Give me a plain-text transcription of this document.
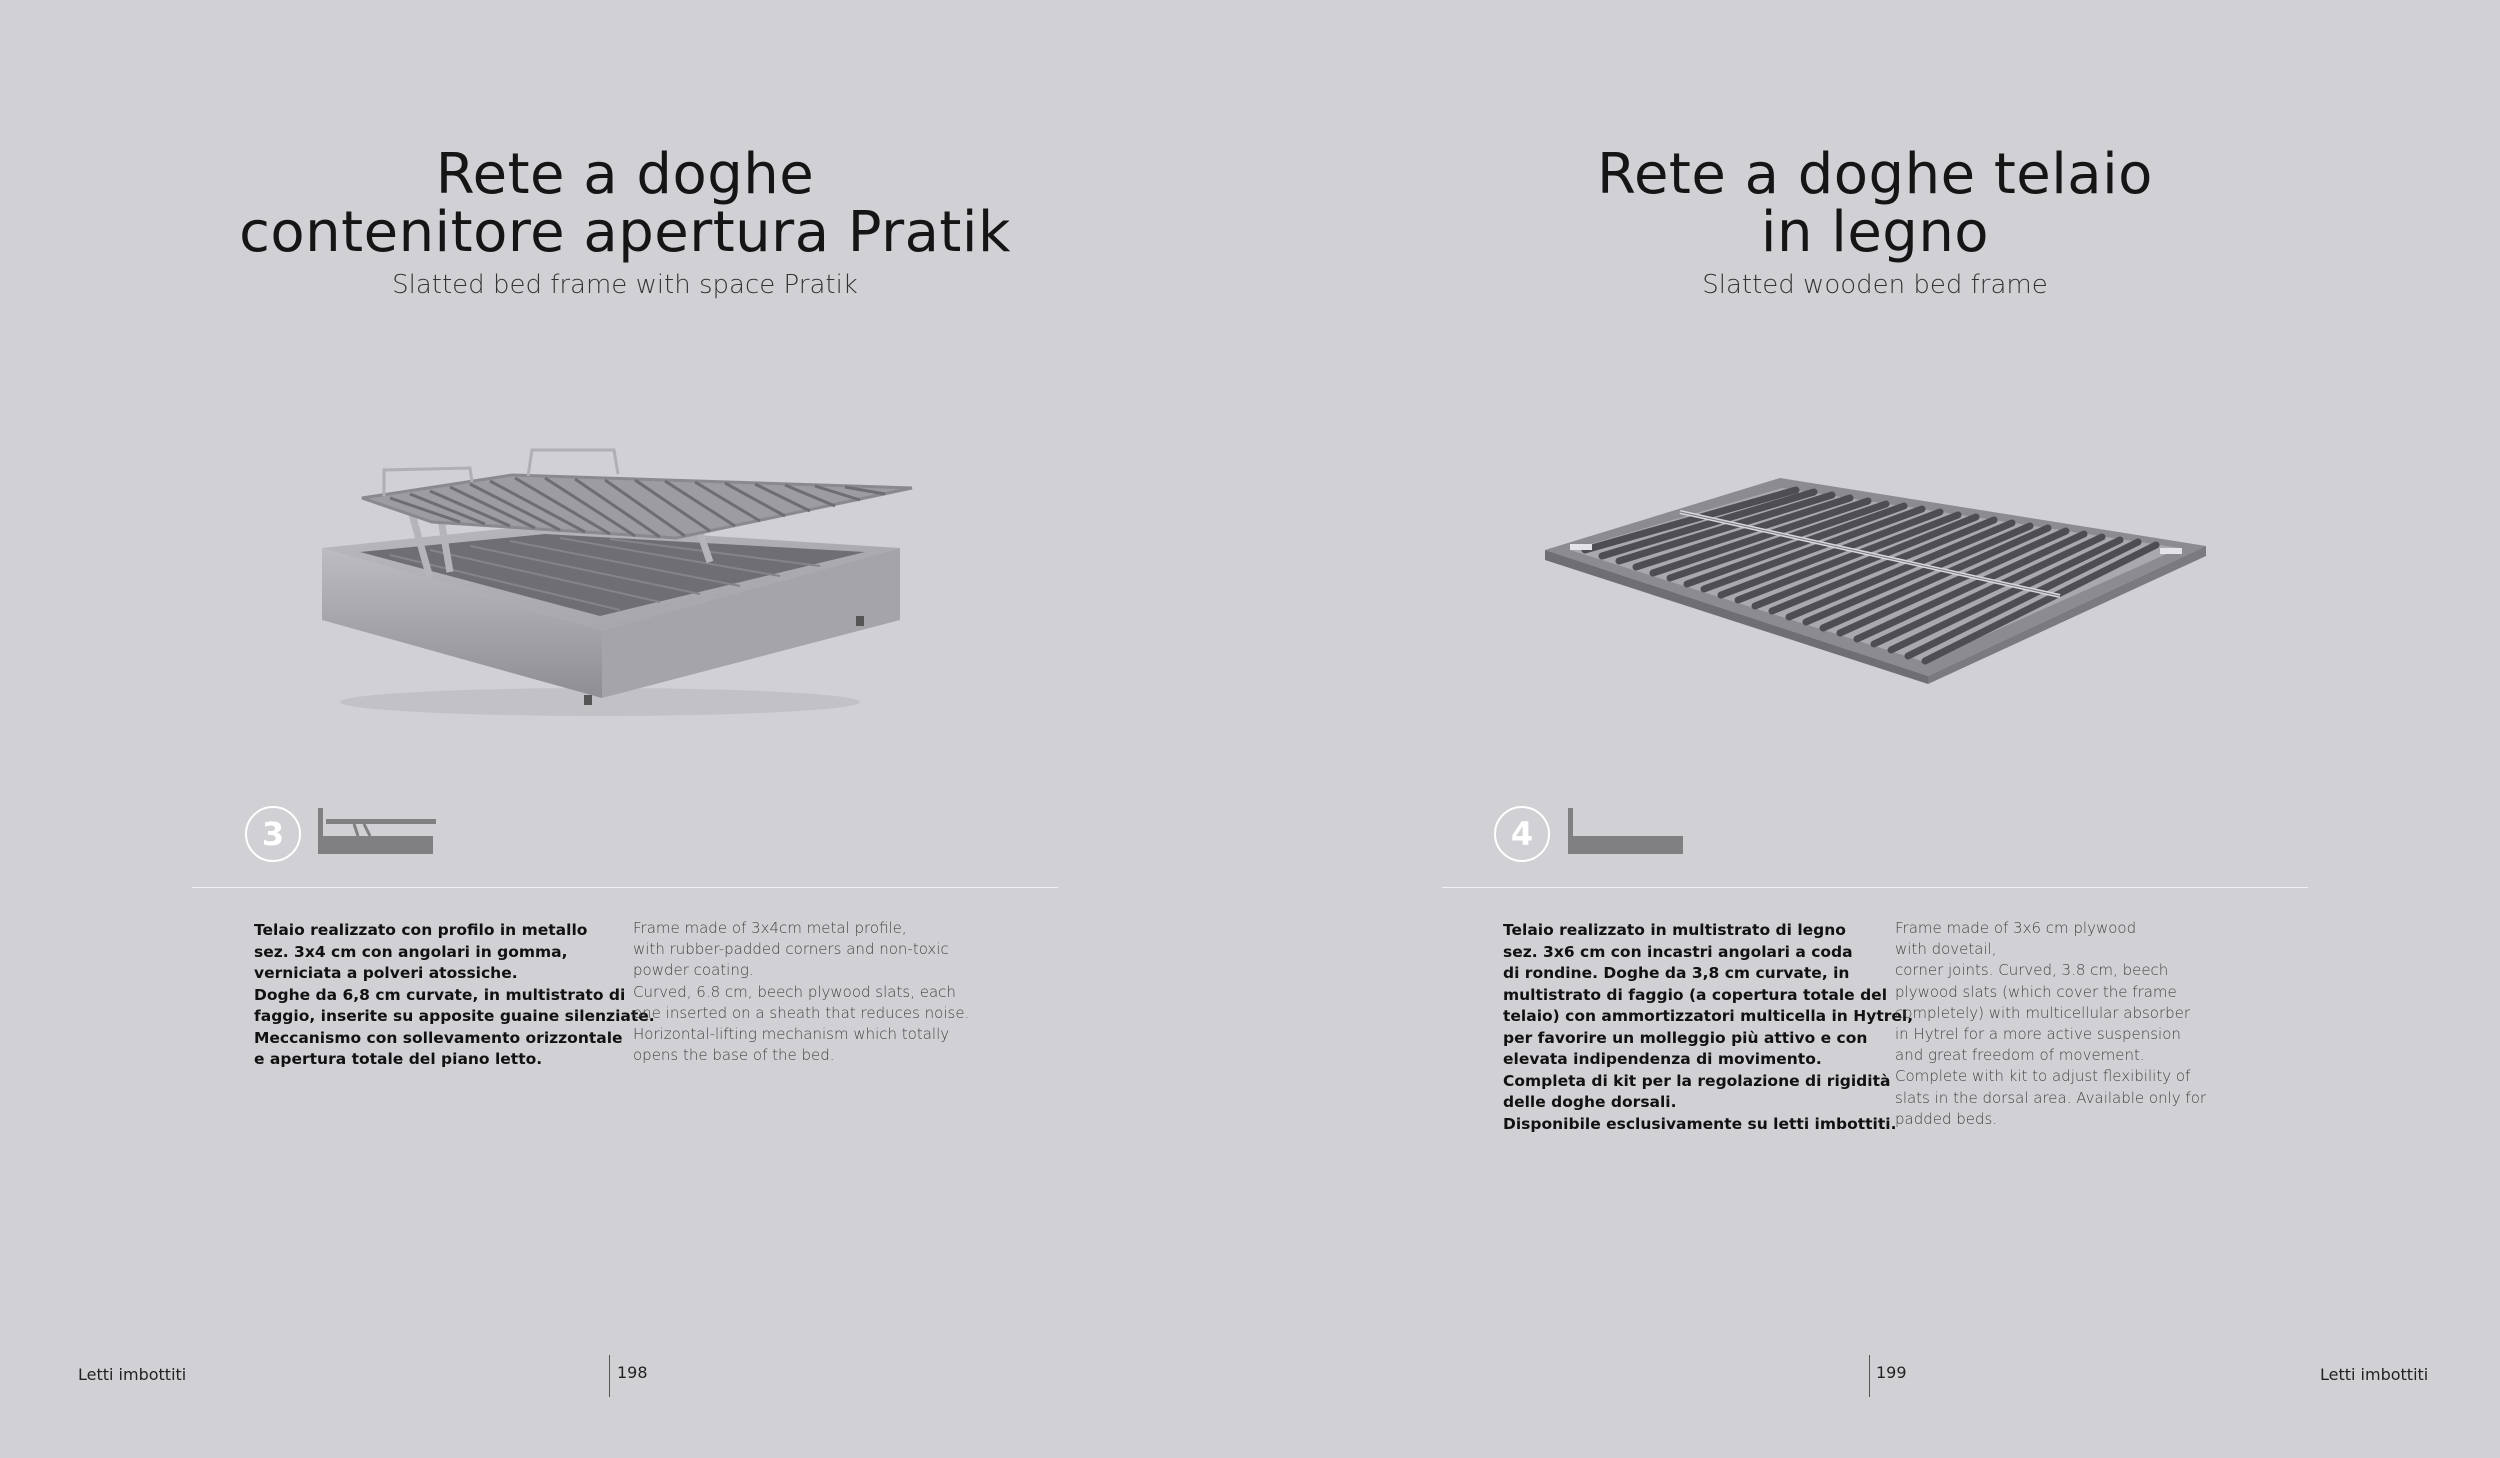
Rete a doghe
contenitore apertura Pratik
Slatted bed frame with space Pratik
3
Telaio realizzato con profilo in metallo
sez. 3x4 cm con angolari in gomma,
verniciata a polveri atossiche.
Doghe da 6,8 cm curvate, in multistrato di
faggio, inserite su apposite guaine silenziate.
Meccanismo con sollevamento orizzontale
e apertura totale del piano letto.
Frame made of 3x4cm metal profile,
with rubber-padded corners and non-toxic
powder coating.
Curved, 6.8 cm, beech plywood slats, each
one inserted on a sheath that reduces noise.
Horizontal-lifting mechanism which totally
opens the base of the bed.
Letti imbottiti	198
Rete a doghe telaio
in legno
Slatted wooden bed frame
4
Telaio realizzato in multistrato di legno
sez. 3x6 cm con incastri angolari a coda
di rondine. Doghe da 3,8 cm curvate, in
multistrato di faggio (a copertura totale del
telaio) con ammortizzatori multicella in Hytrel,
per favorire un molleggio più attivo e con
elevata indipendenza di movimento.
Completa di kit per la regolazione di rigidità
delle doghe dorsali.
Disponibile esclusivamente su letti imbottiti.
Frame made of 3x6 cm plywood
with dovetail,
corner joints. Curved, 3.8 cm, beech
plywood slats (which cover the frame
completely) with multicellular absorber
in Hytrel for a more active suspension
and great freedom of movement.
Complete with kit to adjust flexibility of
slats in the dorsal area. Available only for
padded beds.
199	Letti imbottiti
